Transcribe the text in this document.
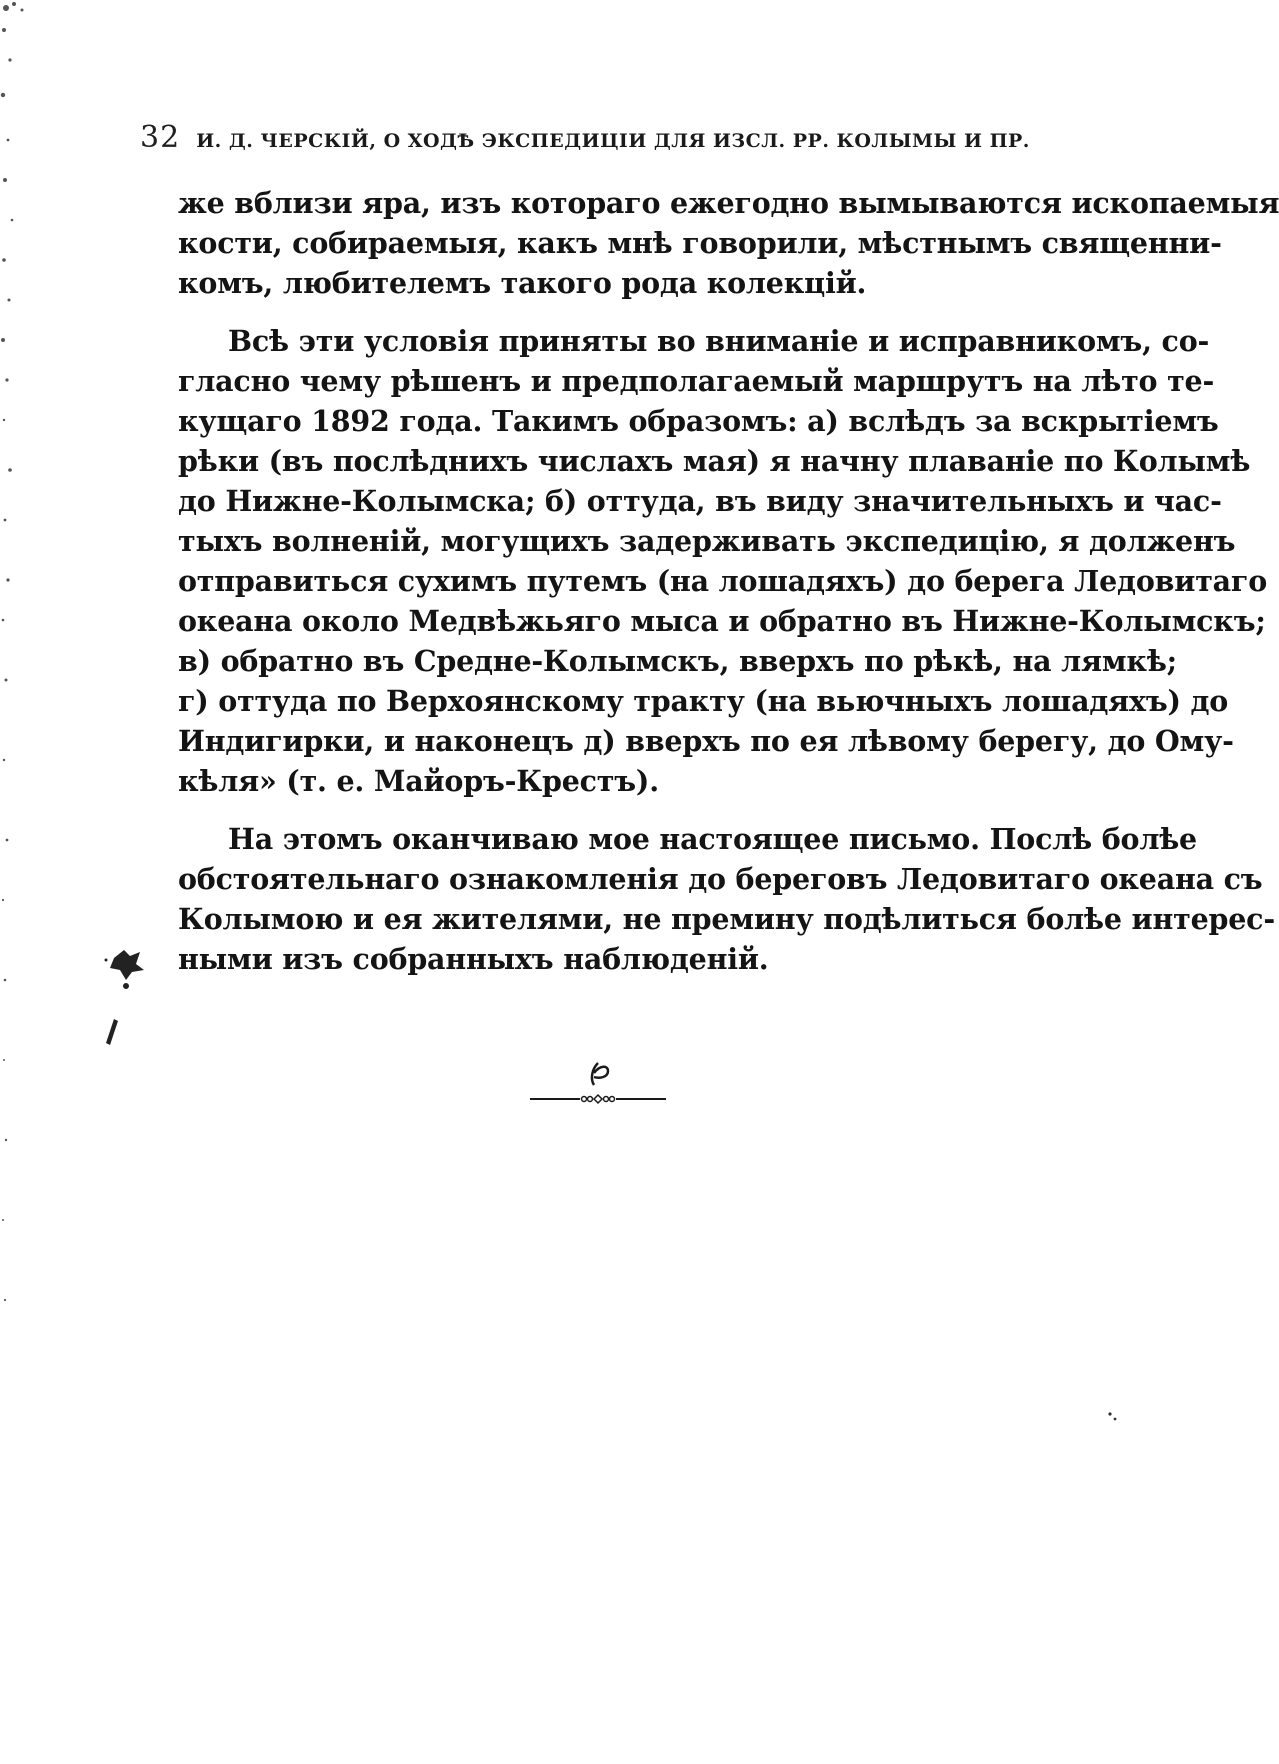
32 И. Д. ЧЕРСКІЙ, О ХОДѢ ЭКСПЕДИЦІИ ДЛЯ ИЗСЛ. РР. КОЛЫМЫ И ПР.
же вблизи яра, изъ котораго ежегодно вымываются ископаемыя
кости, собираемыя, какъ мнѣ говорили, мѣстнымъ священни-
комъ, любителемъ такого рода колекцій.
Всѣ эти условія приняты во вниманіе и исправникомъ, со-
гласно чему рѣшенъ и предполагаемый маршрутъ на лѣто те-
кущаго 1892 года. Такимъ образомъ: а) вслѣдъ за вскрытіемъ
рѣки (въ послѣднихъ числахъ мая) я начну плаваніе по Колымѣ
до Нижне-Колымска; б) оттуда, въ виду значительныхъ и час-
тыхъ волненій, могущихъ задерживать экспедицію, я долженъ
отправиться сухимъ путемъ (на лошадяхъ) до берега Ледовитаго
океана около Медвѣжьяго мыса и обратно въ Нижне-Колымскъ;
в) обратно въ Средне-Колымскъ, вверхъ по рѣкѣ, на лямкѣ;
г) оттуда по Верхоянскому тракту (на вьючныхъ лошадяхъ) до
Индигирки, и наконецъ д) вверхъ по ея лѣвому берегу, до Ому-
кѣля» (т. е. Майоръ-Крестъ).
На этомъ оканчиваю мое настоящее письмо. Послѣ болѣе
обстоятельнаго ознакомленія до береговъ Ледовитаго океана съ
Колымою и ея жителями, не премину подѣлиться болѣе интерес-
ными изъ собранныхъ наблюденій.
